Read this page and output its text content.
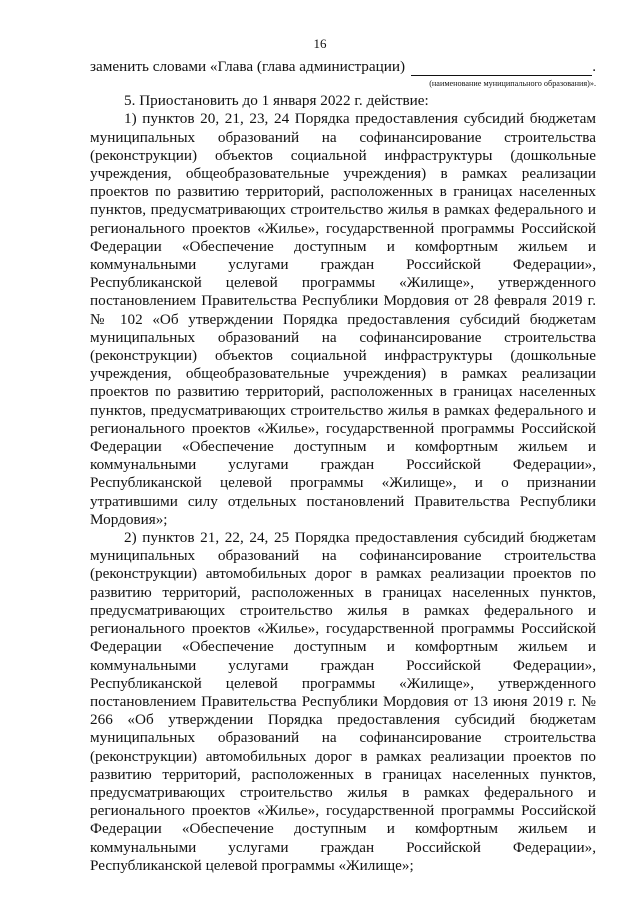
16
заменить словами «Глава (глава администрации)	.
(наименование муниципального образования)».

5. Приостановить до 1 января 2022 г. действие:

1) пунктов 20, 21, 23, 24 Порядка предоставления субсидий бюджетам муниципальных образований на софинансирование строительства (реконструкции) объектов социальной инфраструктуры (дошкольные учреждения, общеобразовательные учреждения) в рамках реализации проектов по развитию территорий, расположенных в границах населенных пунктов, предусматривающих строительство жилья в рамках федерального и регионального проектов «Жилье», государственной программы Российской Федерации «Обеспечение доступным и комфортным жильем и коммунальными услугами граждан Российской Федерации», Республиканской целевой программы «Жилище», утвержденного постановлением Правительства Республики Мордовия от 28 февраля 2019 г. № 102 «Об утверждении Порядка предоставления субсидий бюджетам муниципальных образований на софинансирование строительства (реконструкции) объектов социальной инфраструктуры (дошкольные учреждения, общеобразовательные учреждения) в рамках реализации проектов по развитию территорий, расположенных в границах населенных пунктов, предусматривающих строительство жилья в рамках федерального и регионального проектов «Жилье», государственной программы Российской Федерации «Обеспечение доступным и комфортным жильем и коммунальными услугами граждан Российской Федерации», Республиканской целевой программы «Жилище», и о признании утратившими силу отдельных постановлений Правительства Республики Мордовия»;

2) пунктов 21, 22, 24, 25 Порядка предоставления субсидий бюджетам муниципальных образований на софинансирование строительства (реконструкции) автомобильных дорог в рамках реализации проектов по развитию территорий, расположенных в границах населенных пунктов, предусматривающих строительство жилья в рамках федерального и регионального проектов «Жилье», государственной программы Российской Федерации «Обеспечение доступным и комфортным жильем и коммунальными услугами граждан Российской Федерации», Республиканской целевой программы «Жилище», утвержденного постановлением Правительства Республики Мордовия от 13 июня 2019 г. № 266 «Об утверждении Порядка предоставления субсидий бюджетам муниципальных образований на софинансирование строительства (реконструкции) автомобильных дорог в рамках реализации проектов по развитию территорий, расположенных в границах населенных пунктов, предусматривающих строительство жилья в рамках федерального и регионального проектов «Жилье», государственной программы Российской Федерации «Обеспечение доступным и комфортным жильем и коммунальными услугами граждан Российской Федерации», Республиканской целевой программы «Жилище»;
